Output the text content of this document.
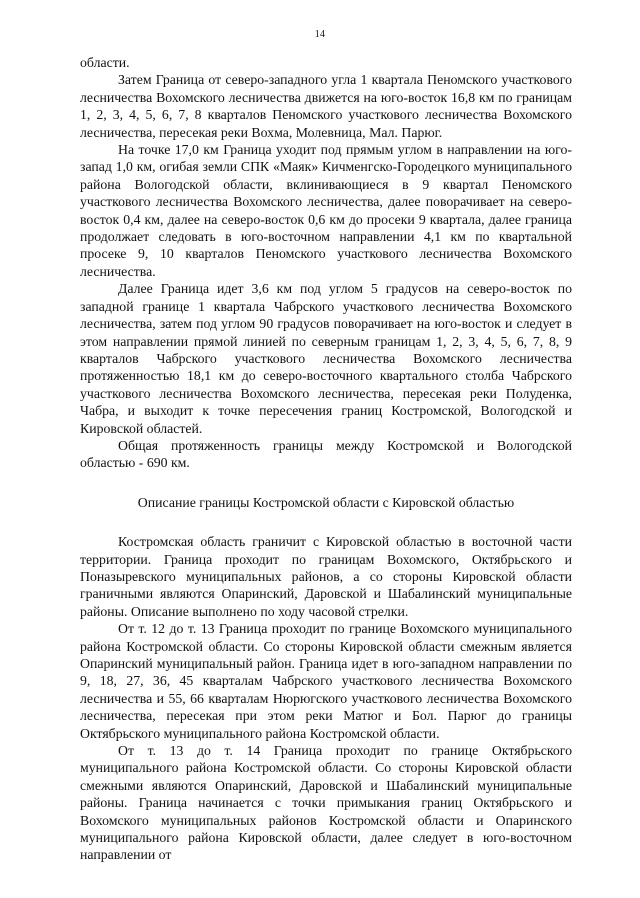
14

области.

Затем Граница от северо-западного угла 1 квартала Пеномского участкового лесничества Вохомского лесничества движется на юго-восток 16,8 км по границам 1, 2, 3, 4, 5, 6, 7, 8 кварталов Пеномского участкового лесничества Вохомского лесничества, пересекая реки Вохма, Молевница, Мал. Парюг.

На точке 17,0 км Граница уходит под прямым углом в направлении на юго-запад 1,0 км, огибая земли СПК «Маяк» Кичменгско-Городецкого муниципального района Вологодской области, вклинивающиеся в 9 квартал Пеномского участкового лесничества Вохомского лесничества, далее поворачивает на северо-восток 0,4 км, далее на северо-восток 0,6 км до просеки 9 квартала, далее граница продолжает следовать в юго-восточном направлении 4,1 км по квартальной просеке 9, 10 кварталов Пеномского участкового лесничества Вохомского лесничества.

Далее Граница идет 3,6 км под углом 5 градусов на северо-восток по западной границе 1 квартала Чабрского участкового лесничества Вохомского лесничества, затем под углом 90 градусов поворачивает на юго-восток и следует в этом направлении прямой линией по северным границам 1, 2, 3, 4, 5, 6, 7, 8, 9 кварталов Чабрского участкового лесничества Вохомского лесничества протяженностью 18,1 км до северо-восточного квартального столба Чабрского участкового лесничества Вохомского лесничества, пересекая реки Полуденка, Чабра, и выходит к точке пересечения границ Костромской, Вологодской и Кировской областей.

Общая протяженность границы между Костромской и Вологодской областью - 690 км.

Описание границы Костромской области с Кировской областью

Костромская область граничит с Кировской областью в восточной части территории. Граница проходит по границам Вохомского, Октябрьского и Поназыревского муниципальных районов, а со стороны Кировской области граничными являются Опаринский, Даровской и Шабалинский муниципальные районы. Описание выполнено по ходу часовой стрелки.

От т. 12 до т. 13 Граница проходит по границе Вохомского муниципального района Костромской области. Со стороны Кировской области смежным является Опаринский муниципальный район. Граница идет в юго-западном направлении по 9, 18, 27, 36, 45 кварталам Чабрского участкового лесничества Вохомского лесничества и 55, 66 кварталам Нюрюгского участкового лесничества Вохомского лесничества, пересекая при этом реки Матюг и Бол. Парюг до границы Октябрьского муниципального района Костромской области.

От т. 13 до т. 14 Граница проходит по границе Октябрьского муниципального района Костромской области. Со стороны Кировской области смежными являются Опаринский, Даровской и Шабалинский муниципальные районы. Граница начинается с точки примыкания границ Октябрьского и Вохомского муниципальных районов Костромской области и Опаринского муниципального района Кировской области, далее следует в юго-восточном направлении от
